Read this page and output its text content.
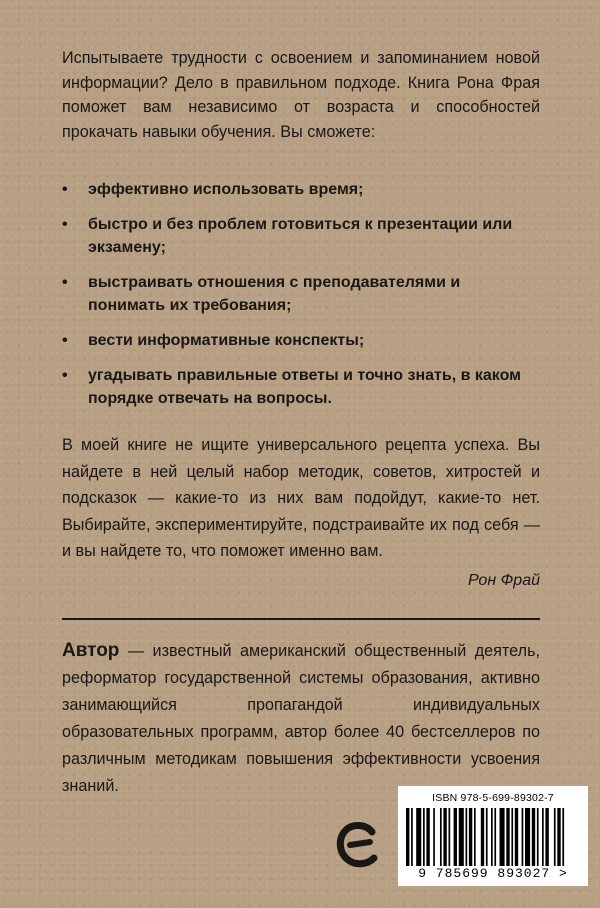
Испытываете трудности с освоением и запоминанием новой информации? Дело в правильном подходе. Книга Рона Фрая поможет вам независимо от возраста и способностей прокачать навыки обучения. Вы сможете:

• эффективно использовать время;
• быстро и без проблем готовиться к презентации или экзамену;
• выстраивать отношения с преподавателями и понимать их требования;
• вести информативные конспекты;
• угадывать правильные ответы и точно знать, в каком порядке отвечать на вопросы.

В моей книге не ищите универсального рецепта успеха. Вы найдете в ней целый набор методик, советов, хитростей и подсказок — какие-то из них вам подойдут, какие-то нет. Выбирайте, экспериментируйте, подстраивайте их под себя — и вы найдете то, что поможет именно вам.

Рон Фрай

Автор — известный американский общественный деятель, реформатор государственной системы образования, активно занимающийся пропагандой индивидуальных образовательных программ, автор более 40 бестселлеров по различным методикам повышения эффективности усвоения знаний.

ISBN 978-5-699-89302-7
9 785699 893027 >
